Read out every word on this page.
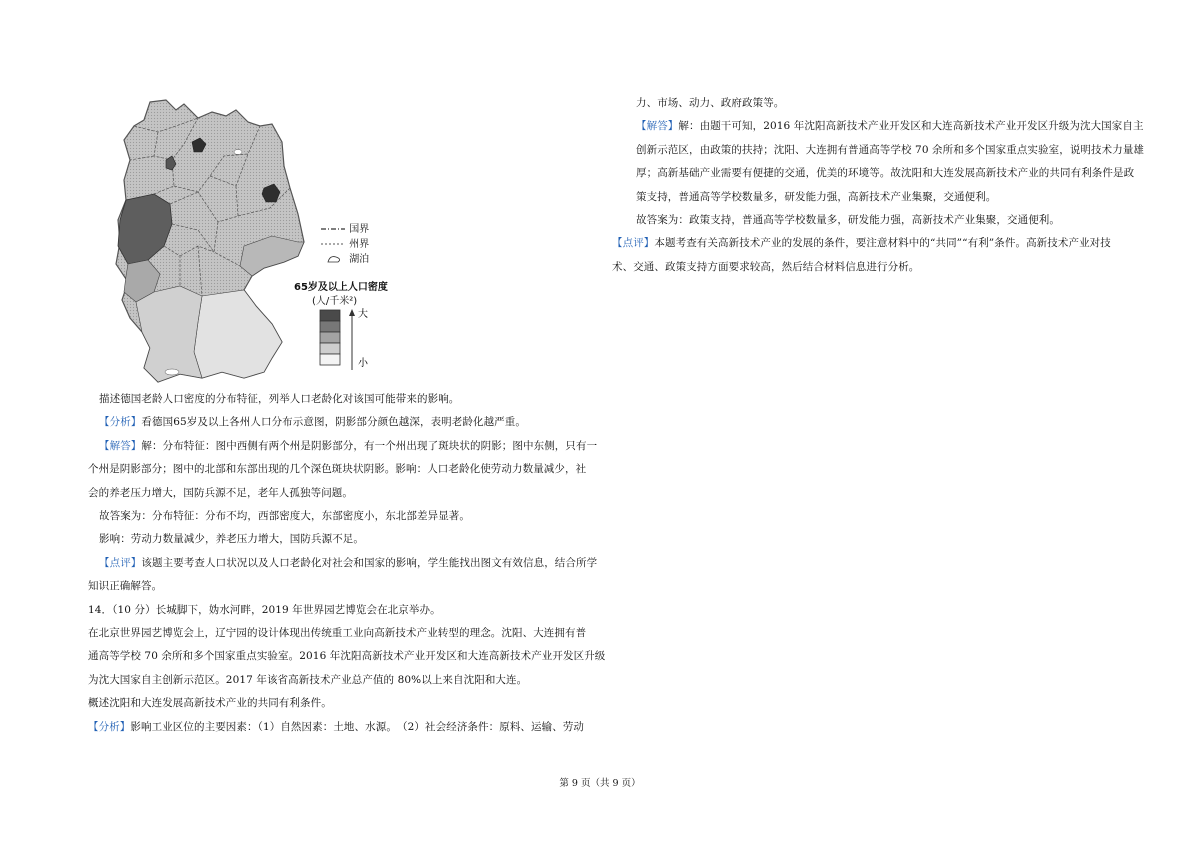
国界
州界
湖泊
65岁及以上人口密度
(人/千米²)
大
小
描述德国老龄人口密度的分布特征，列举人口老龄化对该国可能带来的影响。
【分析】看德国65岁及以上各州人口分布示意图，阴影部分颜色越深，表明老龄化越严重。
【解答】解：分布特征：图中西侧有两个州是阴影部分，有一个州出现了斑块状的阴影；图中东侧，只有一
个州是阴影部分；图中的北部和东部出现的几个深色斑块状阴影。影响：人口老龄化使劳动力数量减少，社
会的养老压力增大，国防兵源不足，老年人孤独等问题。
故答案为：分布特征：分布不均，西部密度大，东部密度小，东北部差异显著。
影响：劳动力数量减少，养老压力增大，国防兵源不足。
【点评】该题主要考查人口状况以及人口老龄化对社会和国家的影响，学生能找出图文有效信息，结合所学
知识正确解答。
14．（10 分）长城脚下，妫水河畔，2019 年世界园艺博览会在北京举办。
在北京世界园艺博览会上，辽宁园的设计体现出传统重工业向高新技术产业转型的理念。沈阳、大连拥有普
通高等学校 70 余所和多个国家重点实验室。2016 年沈阳高新技术产业开发区和大连高新技术产业开发区升级
为沈大国家自主创新示范区。2017 年该省高新技术产业总产值的 80%以上来自沈阳和大连。
概述沈阳和大连发展高新技术产业的共同有利条件。
【分析】影响工业区位的主要因素：（1）自然因素：土地、水源。　（2）社会经济条件：原料、运输、劳动
力、市场、动力、政府政策等。
【解答】解：由题干可知，2016 年沈阳高新技术产业开发区和大连高新技术产业开发区升级为沈大国家自主
创新示范区，由政策的扶持；沈阳、大连拥有普通高等学校 70 余所和多个国家重点实验室，说明技术力量雄
厚；高新基础产业需要有便捷的交通，优美的环境等。故沈阳和大连发展高新技术产业的共同有利条件是政
策支持，普通高等学校数量多，研发能力强，高新技术产业集聚，交通便利。
故答案为：政策支持，普通高等学校数量多，研发能力强，高新技术产业集聚，交通便利。
【点评】本题考查有关高新技术产业的发展的条件，要注意材料中的“共同”“有利”条件。高新技术产业对技
术、交通、政策支持方面要求较高，然后结合材料信息进行分析。
第 9 页（共 9 页）
